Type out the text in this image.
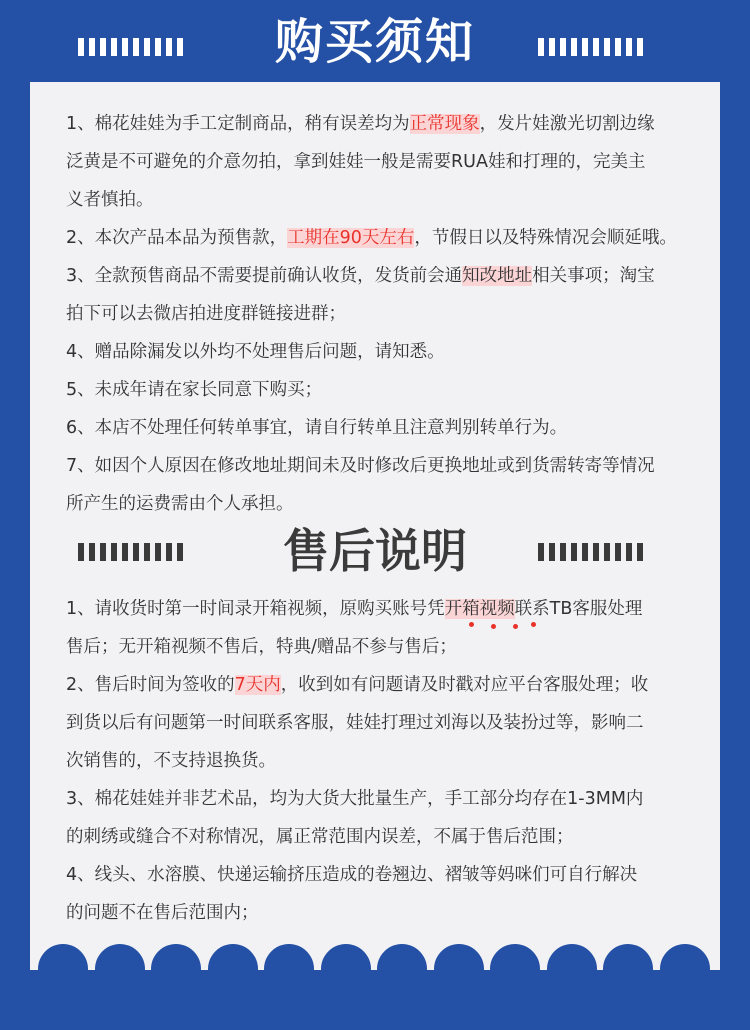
购买须知

1、棉花娃娃为手工定制商品，稍有误差均为正常现象，发片娃激光切割边缘

泛黄是不可避免的介意勿拍，拿到娃娃一般是需要RUA娃和打理的，完美主

义者慎拍。

2、本次产品本品为预售款，工期在90天左右，节假日以及特殊情况会顺延哦。

3、全款预售商品不需要提前确认收货，发货前会通知改地址相关事项；淘宝

拍下可以去微店拍进度群链接进群；

4、赠品除漏发以外均不处理售后问题，请知悉。

5、未成年请在家长同意下购买；

6、本店不处理任何转单事宜，请自行转单且注意判别转单行为。

7、如因个人原因在修改地址期间未及时修改后更换地址或到货需转寄等情况

所产生的运费需由个人承担。

售后说明

1、请收货时第一时间录开箱视频，原购买账号凭开箱视频联系TB客服处理

售后；无开箱视频不售后，特典/赠品不参与售后；

2、售后时间为签收的7天内，收到如有问题请及时戳对应平台客服处理；收

到货以后有问题第一时间联系客服，娃娃打理过刘海以及装扮过等，影响二

次销售的，不支持退换货。

3、棉花娃娃并非艺术品，均为大货大批量生产，手工部分均存在1-3MM内

的刺绣或缝合不对称情况，属正常范围内误差，不属于售后范围；

4、线头、水溶膜、快递运输挤压造成的卷翘边、褶皱等妈咪们可自行解决

的问题不在售后范围内；
